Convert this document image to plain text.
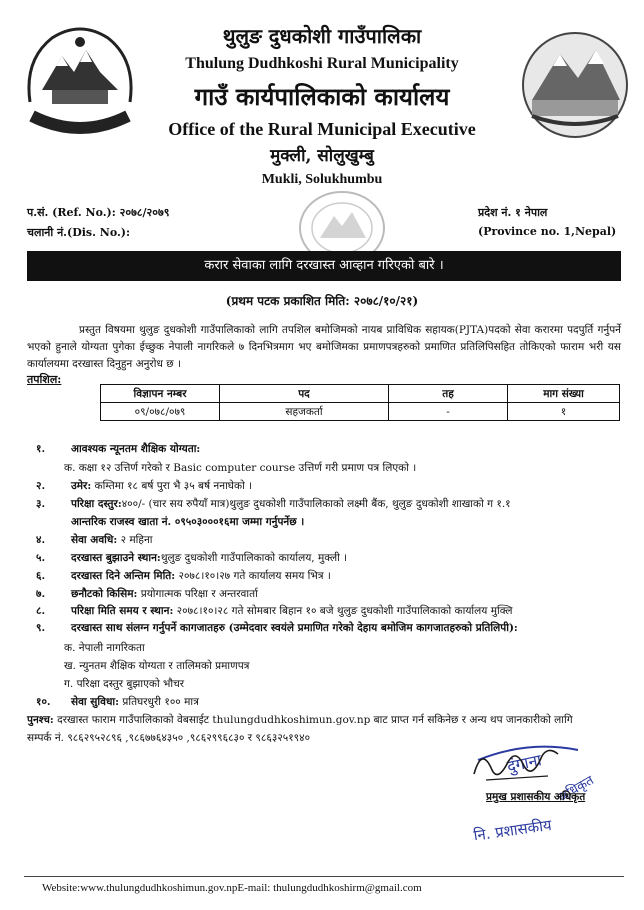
थुलुङ दुधकोशी गाउँपालिका
Thulung Dudhkoshi Rural Municipality
गाउँ कार्यपालिकाको कार्यालय
Office of the Rural Municipal Executive
मुक्ली, सोलुखुम्बु
Mukli, Solukhumbu
प.सं. (Ref. No.): २०७८/२०७९
चलानी नं.(Dis. No.):
प्रदेश नं. १ नेपाल
(Province no. 1,Nepal)
करार सेवाका लागि दरखास्त आव्हान गरिएको बारे ।
(प्रथम पटक प्रकाशित मिति: २०७८/१०/२१)
प्रस्तुत विषयमा थुलुङ दुधकोशी गाउँपालिकाको लागि तपशिल बमोजिमको नायब प्राविधिक सहायक(PJTA)पदको सेवा करारमा पदपुर्ति गर्नुपर्ने भएको हुनाले योग्यता पुगेका ईच्छुक नेपाली नागरिकले ७ दिनभित्रमाग भए बमोजिमका प्रमाणपत्रहरुको प्रमाणित प्रतिलिपिसहित तोकिएको फाराम भरी यस कार्यालयमा दरखास्त दिनुहुन अनुरोध छ ।
तपशिल:
विज्ञापन नम्बर	पद	तह	माग संख्या
०९/०७८/०७९	सहजकर्ता	-	१
१. आवश्यक न्यूनतम शैक्षिक योग्यता:
क. कक्षा १२ उत्तिर्ण गरेको र Basic computer course उत्तिर्ण गरी प्रमाण पत्र लिएको ।
२. उमेर: कम्तिमा १८ बर्ष पुरा भै ३५ बर्ष ननाघेको ।
३. परिक्षा दस्तुर:४००/- (चार सय रुपैयाँ मात्र)थुलुङ दुधकोशी गाउँपालिकाको लक्ष्मी बैंक, थुलुङ दुधकोशी शाखाको ग १.१
आन्तरिक राजस्व खाता नं. ०९५०३०००१६मा जम्मा गर्नुपर्नेछ ।
४. सेवा अवधि: २ महिना
५. दरखास्त बुझाउने स्थान:थुलुङ दुधकोशी गाउँपालिकाको कार्यालय, मुक्ली ।
६. दरखास्त दिने अन्तिम मिति: २०७८।१०।२७ गते कार्यालय समय भित्र ।
७. छनौटको किसिम: प्रयोगात्मक परिक्षा र अन्तरवार्ता
८. परिक्षा मिति समय र स्थान: २०७८।१०।२८ गते सोमबार बिहान १० बजे थुलुङ दुधकोशी गाउँपालिकाको कार्यालय मुक्लि
९. दरखास्त साथ संलग्न गर्नुपर्ने कागजातहरु (उम्मेदवार स्वयंले प्रमाणित गरेको देहाय बमोजिम कागजातहरुको प्रतिलिपी):
क. नेपाली नागरिकता
ख. न्युनतम शैक्षिक योग्यता र तालिमको प्रमाणपत्र
ग. परिक्षा दस्तुर बुझाएको भौचर
१०. सेवा सुविधा: प्रतिघरधुरी १०० मात्र
पुनश्च: दरखास्त फाराम गाउँपालिकाको वेबसाईट thulungdudhkoshimun.gov.np बाट प्राप्त गर्न सकिनेछ र अन्य थप जानकारीको लागि
सम्पर्क नं. ९८६२९५२८९६ ,९८६७७६४३५० ,९८६२९९६८३० र ९८६३२५१९४०
दुंगाना
अधिकृत
नि. प्रशासकीय
प्रमुख प्रशासकीय अधिकृत
Website:www.thulungdudhkoshimun.gov.npE-mail: thulungdudhkoshirm@gmail.com
